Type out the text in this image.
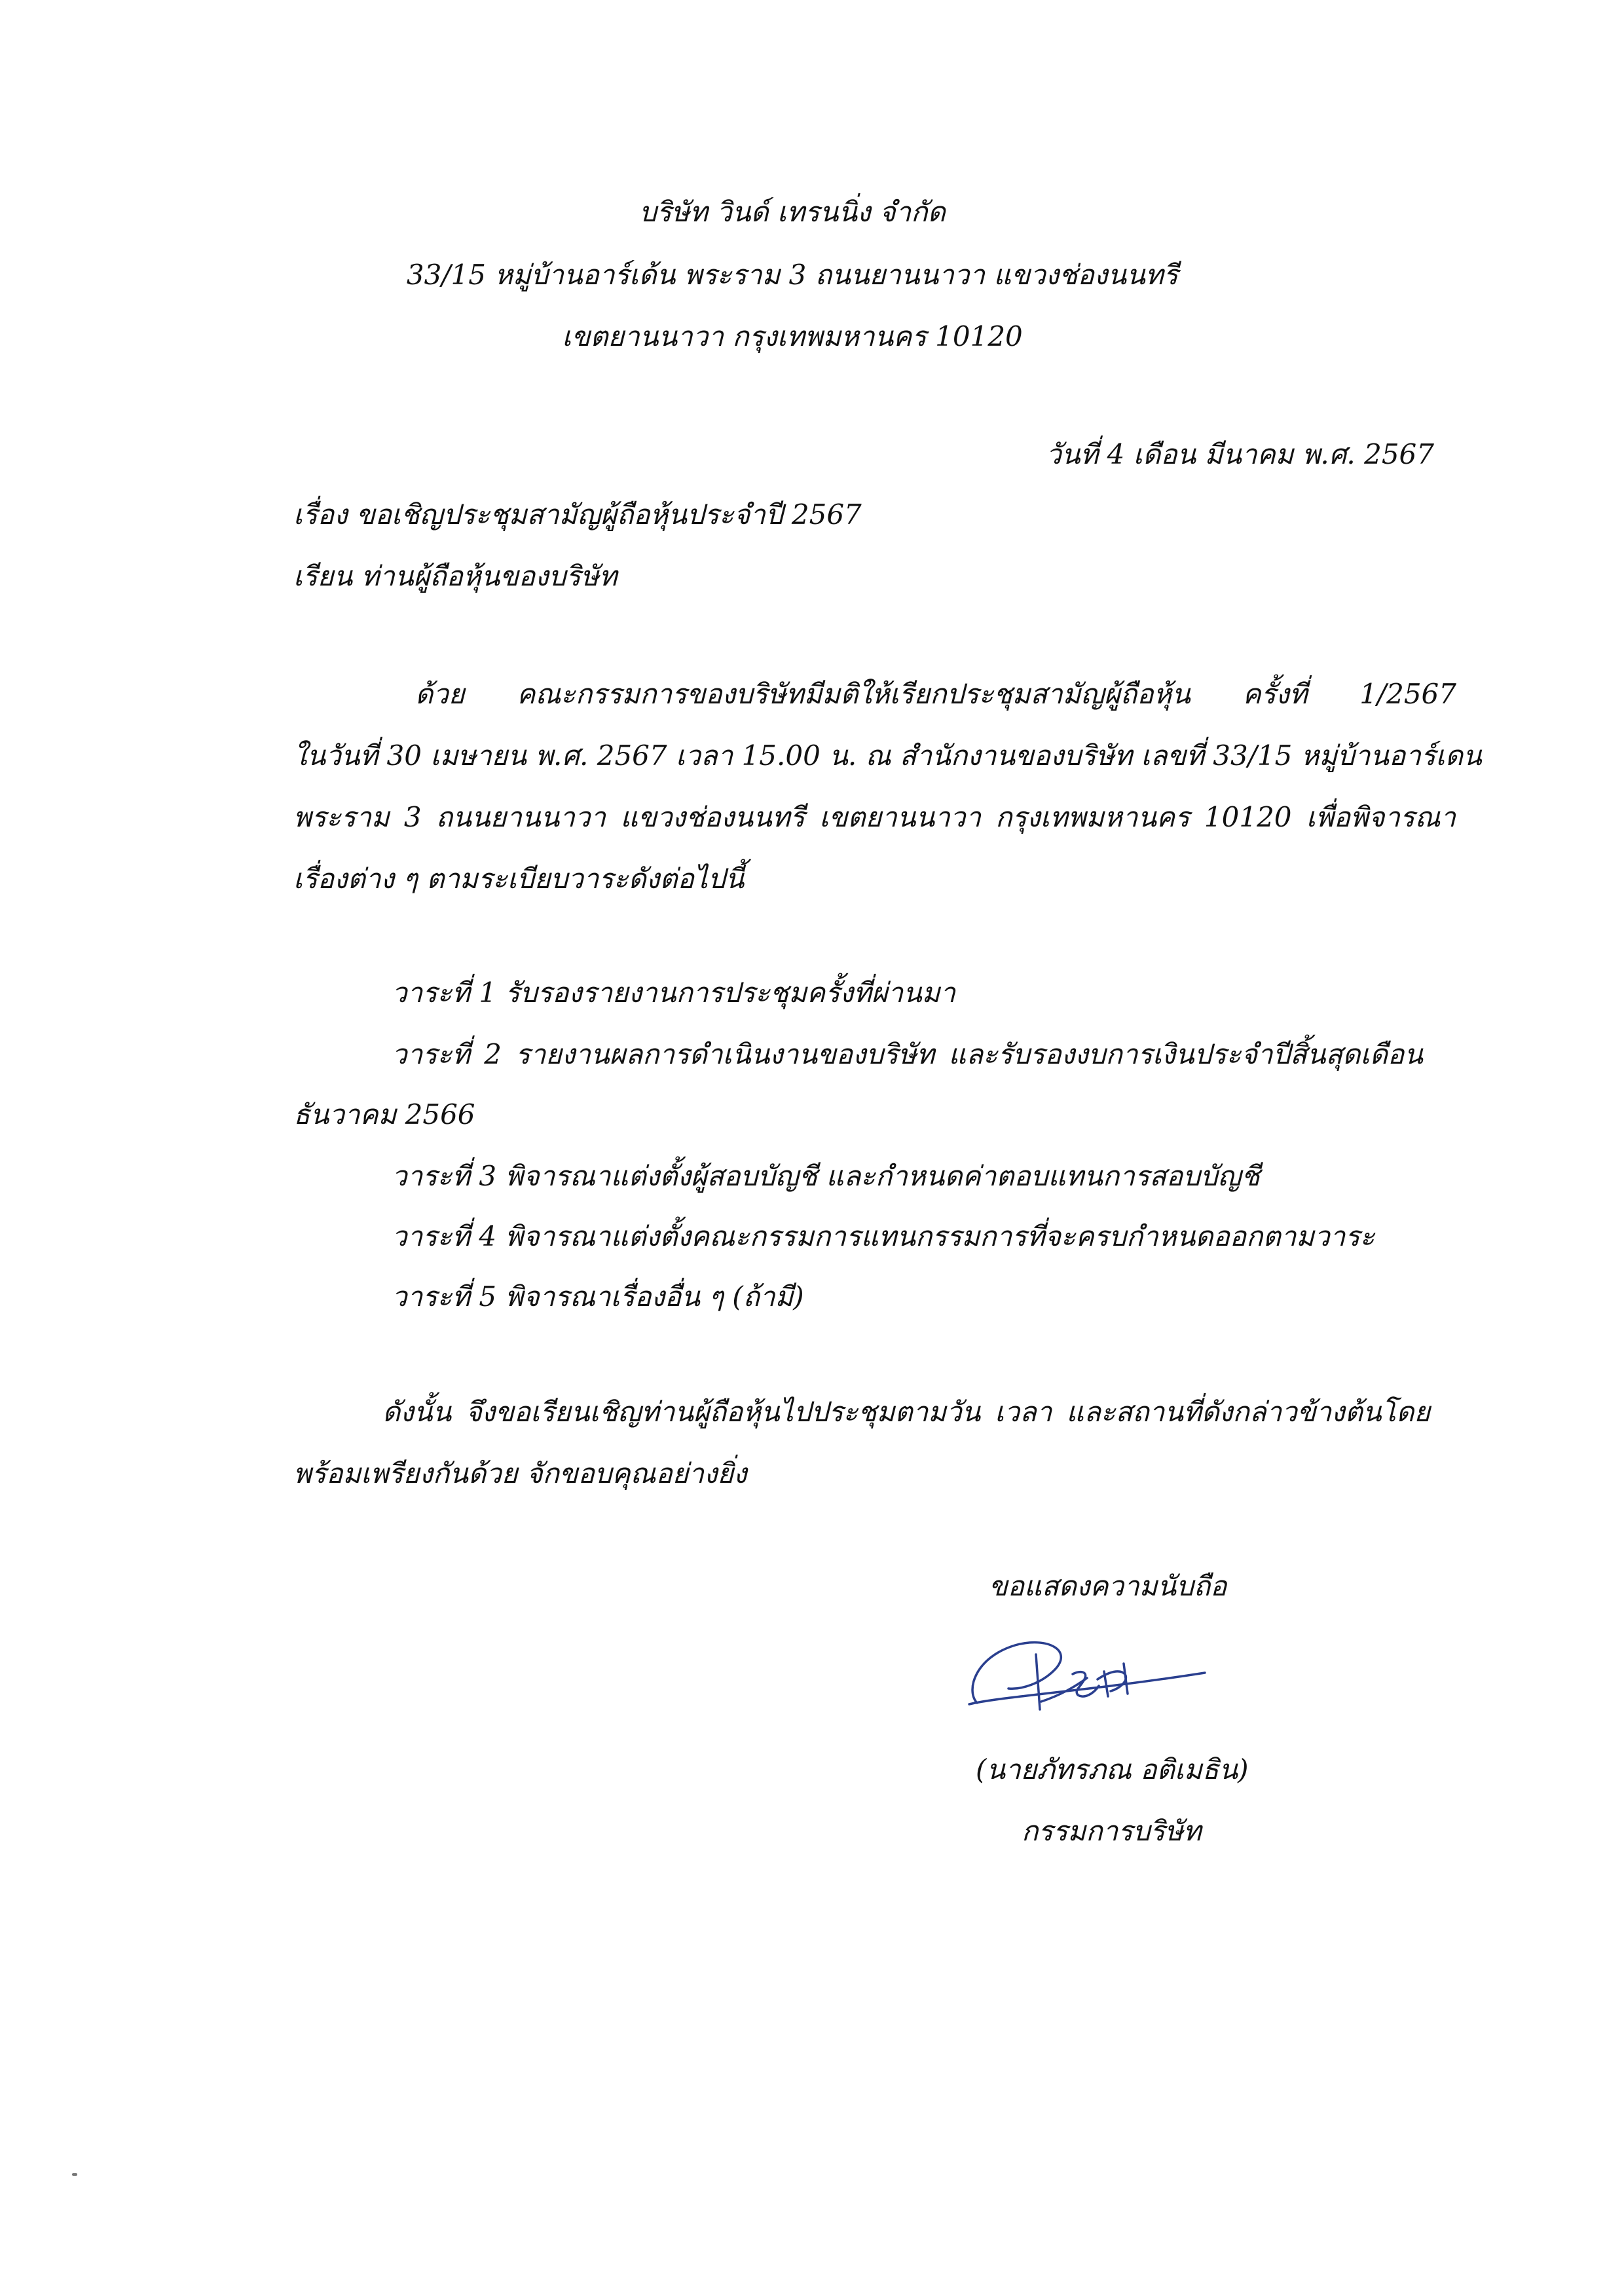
บริษัท วินด์ เทรนนิ่ง จำกัด
33/15 หมู่บ้านอาร์เด้น พระราม 3 ถนนยานนาวา แขวงช่องนนทรี
เขตยานนาวา กรุงเทพมหานคร 10120
วันที่ 4 เดือน มีนาคม พ.ศ. 2567
เรื่อง ขอเชิญประชุมสามัญผู้ถือหุ้นประจำปี 2567
เรียน ท่านผู้ถือหุ้นของบริษัท
ด้วย คณะกรรมการของบริษัทมีมติให้เรียกประชุมสามัญผู้ถือหุ้น ครั้งที่ 1/2567
ในวันที่ 30 เมษายน พ.ศ. 2567 เวลา 15.00 น. ณ สำนักงานของบริษัท เลขที่ 33/15 หมู่บ้านอาร์เดน
พระราม 3 ถนนยานนาวา แขวงช่องนนทรี เขตยานนาวา กรุงเทพมหานคร 10120 เพื่อพิจารณา
เรื่องต่าง ๆ ตามระเบียบวาระดังต่อไปนี้
วาระที่ 1 รับรองรายงานการประชุมครั้งที่ผ่านมา
วาระที่ 2 รายงานผลการดำเนินงานของบริษัท และรับรองงบการเงินประจำปีสิ้นสุดเดือน
ธันวาคม 2566
วาระที่ 3 พิจารณาแต่งตั้งผู้สอบบัญชี และกำหนดค่าตอบแทนการสอบบัญชี
วาระที่ 4 พิจารณาแต่งตั้งคณะกรรมการแทนกรรมการที่จะครบกำหนดออกตามวาระ
วาระที่ 5 พิจารณาเรื่องอื่น ๆ (ถ้ามี)
ดังนั้น จึงขอเรียนเชิญท่านผู้ถือหุ้นไปประชุมตามวัน เวลา และสถานที่ดังกล่าวข้างต้นโดย
พร้อมเพรียงกันด้วย จักขอบคุณอย่างยิ่ง
ขอแสดงความนับถือ
(นายภัทรภณ อติเมธิน)
กรรมการบริษัท
